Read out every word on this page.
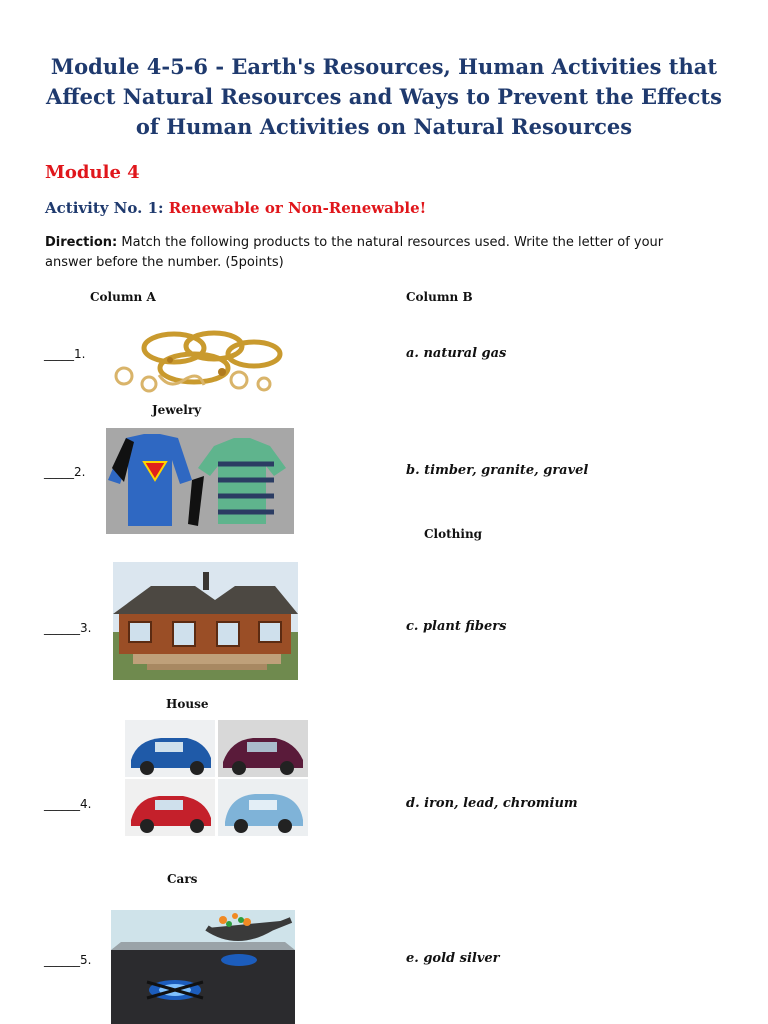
Module 4-5-6 - Earth's Resources, Human Activities that
Affect Natural Resources and Ways to Prevent the Effects
of Human Activities on Natural Resources
Module 4
Activity No. 1: Renewable or Non-Renewable!
Direction: Match the following products to the natural resources used. Write the letter of your answer before the number. (5points)
Column A	Column B
_____1.
Jewelry
a. natural gas
_____2.
Clothing
b. timber, granite, gravel
______3.
House
c. plant fibers
______4.
Cars
d. iron, lead, chromium
______5.	e. gold silver
